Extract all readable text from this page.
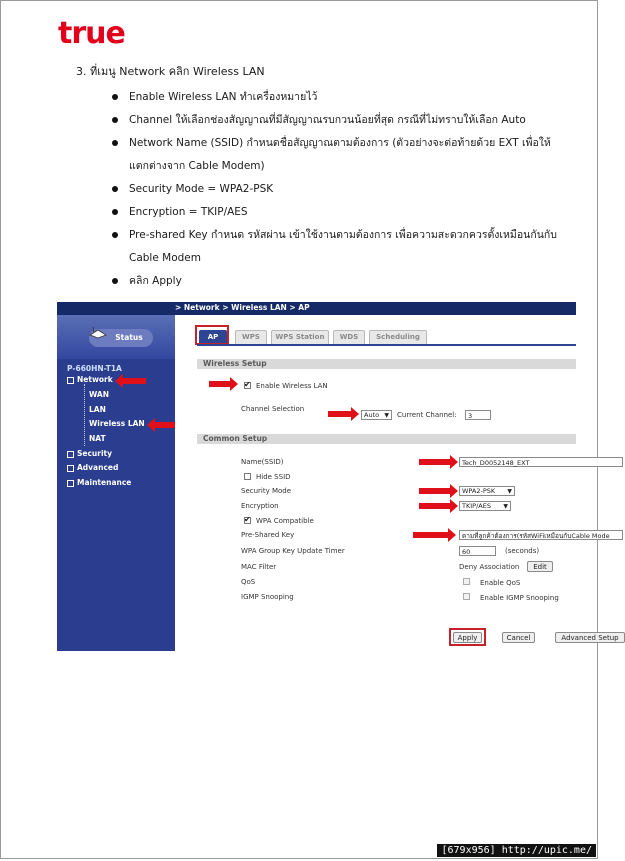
true
3. ที่เมนู Network คลิก Wireless LAN
Enable Wireless LAN ทำเครื่องหมายไว้
Channel ให้เลือกช่องสัญญาณที่มีสัญญาณรบกวนน้อยที่สุด กรณีที่ไม่ทราบให้เลือก Auto
Network Name (SSID) กำหนดชื่อสัญญาณตามต้องการ (ตัวอย่างจะต่อท้ายด้วย EXT เพื่อให้แตกต่างจาก Cable Modem)
Security Mode = WPA2-PSK
Encryption = TKIP/AES
Pre-shared Key กำหนด รหัสผ่าน เข้าใช้งานตามต้องการ เพื่อความสะดวกควรตั้งเหมือนกันกับ Cable Modem
คลิก Apply
> Network > Wireless LAN > AP
Status
P-660HN-T1A
Network
WAN
LAN
Wireless LAN
NAT
Security
Advanced
Maintenance
AP	WPS	WPS Station	WDS	Scheduling
Wireless Setup
✔
Enable Wireless LAN
Channel Selection
Auto ▼ Current Channel:	3
Common Setup
Name(SSID)	Tech_D0052148_EXT
Hide SSID
Security Mode	WPA2-PSK ▼
Encryption	TKIP/AES ▼
✔
WPA Compatible
Pre-Shared Key	ตามที่ลูกค้าต้องการ(รหัสWiFiเหมือนกับCable Mode
WPA Group Key Update Timer	60	(seconds)
MAC Filter	Deny Association	Edit
QoS	Enable QoS
IGMP Snooping	Enable IGMP Snooping
Apply	Cancel	Advanced Setup
[679x956] http://upic.me/
